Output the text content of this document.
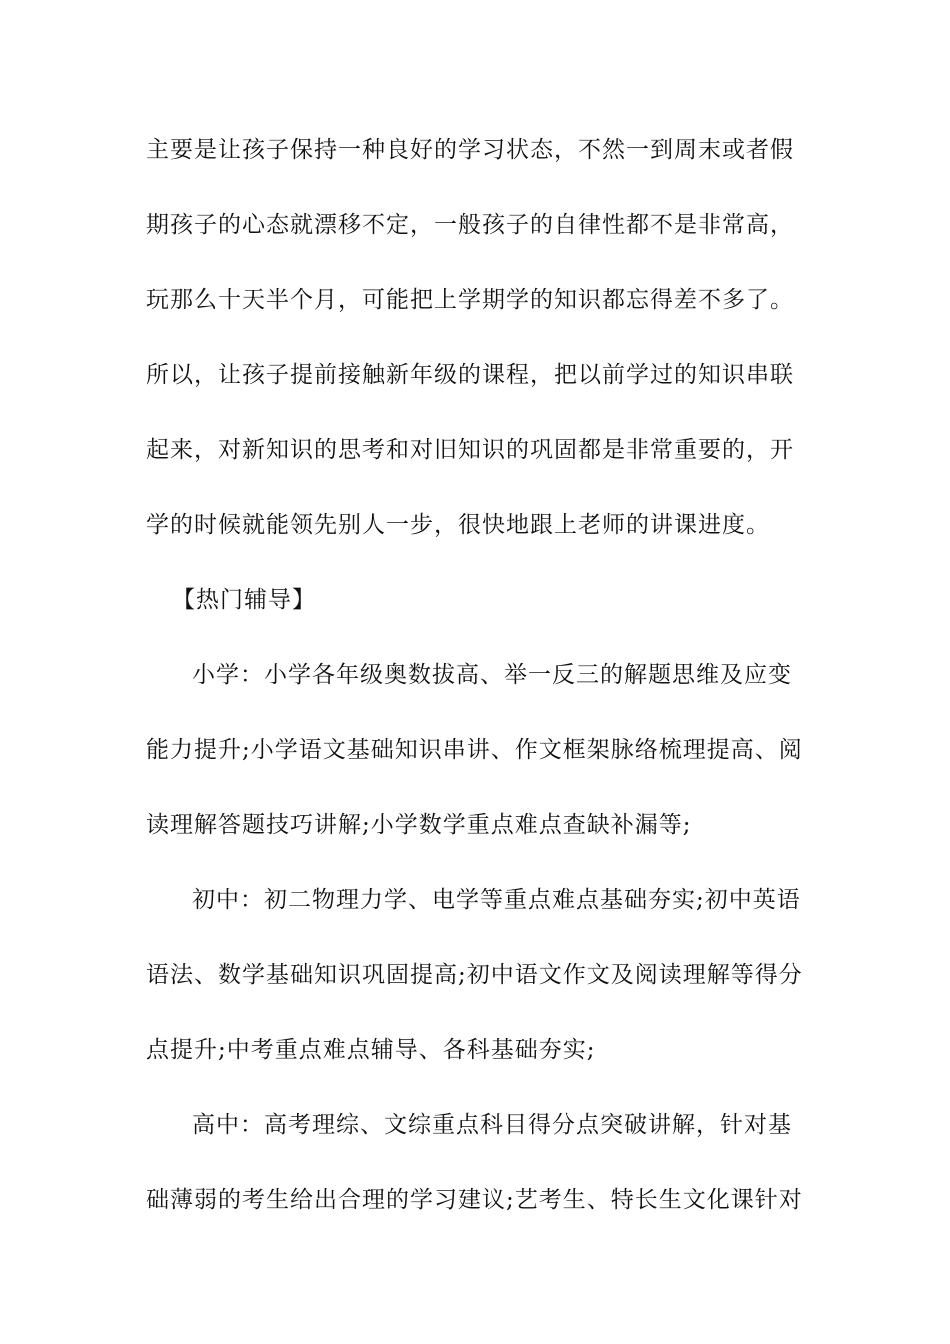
主要是让孩子保持一种良好的学习状态，不然一到周末或者假
期孩子的心态就漂移不定，一般孩子的自律性都不是非常高，
玩那么十天半个月，可能把上学期学的知识都忘得差不多了。
所以，让孩子提前接触新年级的课程，把以前学过的知识串联
起来，对新知识的思考和对旧知识的巩固都是非常重要的，开
学的时候就能领先别人一步，很快地跟上老师的讲课进度。
【热门辅导】
小学：小学各年级奥数拔高、举一反三的解题思维及应变
能力提升;小学语文基础知识串讲、作文框架脉络梳理提高、阅
读理解答题技巧讲解;小学数学重点难点查缺补漏等;
初中：初二物理力学、电学等重点难点基础夯实;初中英语
语法、数学基础知识巩固提高;初中语文作文及阅读理解等得分
点提升;中考重点难点辅导、各科基础夯实;
高中：高考理综、文综重点科目得分点突破讲解，针对基
础薄弱的考生给出合理的学习建议;艺考生、特长生文化课针对
